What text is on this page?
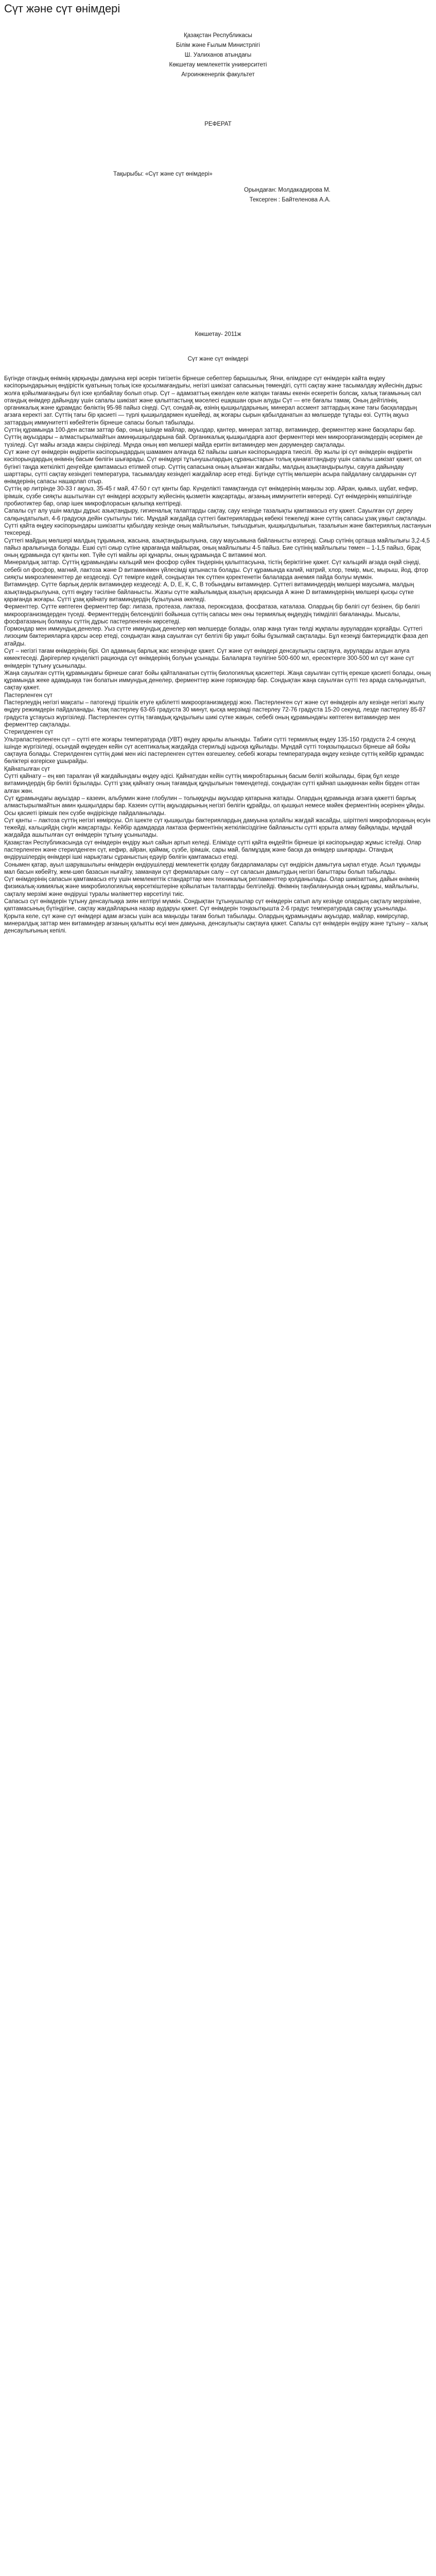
Сүт және сүт өнімдері
Қазақстан Республикасы
Білім және Ғылым Министрлігі
Ш. Уалиханов атындағы
Көкшетау мемлекеттік университеті
Агроинженерлік факультет
РЕФЕРАТ
Тақырыбы: «Сүт және сүт өнімдері»
Орындаған: Молдакадирова М.
Тексерген : Байтеленова А.А.
Көкшетау- 2011ж
Сүт және сүт өнімдері

Бүгінде отандық өнімнің қарқынды дамуына кері әсерін тигізетін бірнеше себептер барышылық. Яғни, өлімдәре сүт өнімдерін кайта өңдеу кәсіпорындарының өндірістік қуатының толық іске қосылмағандығы, негізгі шикізат сапасының төмендігі, сүтті сақтау және тасымалдау жүйесінің дұрыс жолға қойылмағандығы бүл іске қолбайлау болып отыр. Сүт – адамзаттың ежелден келе жатқан тағамы екенін ескеретін болсақ, халық тағамының сал отандық өнімдер дайындау үшін сапалы шикізат және қалыптастыңқ мәселесі ешқашан орын алуды Сүт — өте бағалы тамақ. Оның дейтілінің, органикалық және құрамдас бөліктің 95-98 пайыз сіңеді. Сүт, сондай-ақ, өзінің қышқылдарының, минерал ассмент заттардың және тағы басқалардың ағзаға керекті зат. Сүттің тағы бір қасиеті — түрлі қышқылдармен күшейеді, ақ жоғары сырын қабылданатын аз мөлшерде тұтады өзі. Сүттің ақуыз заттардың иммунитетті көбейтетін бірнеше сапасы болып табылады.

Сүттің құрамында 100-ден астам заттар бар, оның ішінде майлар, ақуыздар, қантер, минерал заттар, витаминдер, ферменттер және басқалары бар. Сүттің ақуыздары – алмастырылмайтын аминқышқылдарына бай. Органикалық қышқылдарға азот ферменттері мен микроорганизмдердің әсерімен де түзіледі. Сүт майы ағзада жақсы сіңіріледі. Мұнда оның көп мөлшері майда еритін витаминдер мен дәрумендер сақталады.

Сүт және сүт өнімдерін өндіретін кәсіпорындардың шамамен алғанда 62 пайызы шағын кәсіпорындарға тиесілі. Әр жылы ірі сүт өнімдерін өндіретін кәсіпорындардың өнімнің басым бөлігін шығарады. Сүт өнімдері тұтынушылардың сұраныстарын толық қанағаттандыру үшін сапалы шикізат қажет, ол бүгінгі таңда жеткілікті деңгейде қамтамасыз етілмей отыр. Сүттің сапасына оның алынған жағдайы, малдың азықтандырылуы, саууға дайындау шарттары, сүтті сақтау кезіндегі температура, тасымалдау кезіндегі жағдайлар әсер етеді. Бүгінде сүттің мөлшерін асыра пайдалану салдарынан сүт өнімдерінің сапасы нашарлап отыр.

Сүттің әр литрінде 30-33 г ақуыз, 35-45 г май, 47-50 г сүт қанты бар. Күнделікті тамақтануда сүт өнімдерінің маңызы зор. Айран, қымыз, шұбат, кефир, ірімшік, сүзбе сияқты ашытылған сүт өнімдері асқорыту жүйесінің қызметін жақсартады, ағзаның иммунитетін көтереді. Сүт өнімдерінің көпшілігінде пробиотиктер бар, олар ішек микрофлорасын қалыпқа келтіреді.

Сапалы сүт алу үшін малды дұрыс азықтандыру, гигиеналық талаптарды сақтау, сауу кезінде тазалықты қамтамасыз ету қажет. Сауылған сүт дереу салқындатылып, 4-6 градусқа дейін суытылуы тиіс. Мұндай жағдайда сүттегі бактериялардың көбеюі тежеледі және сүттің сапасы ұзақ уақыт сақталады. Сүтті қайта өңдеу кәсіпорындары шикізатты қабылдау кезінде оның майлылығын, тығыздығын, қышқылдылығын, тазалығын және бактериялық ластануын тексереді.

Сүттегі майдың мөлшері малдың тұқымына, жасына, азықтандырылуына, сауу маусымына байланысты өзгереді. Сиыр сүтінің орташа майлылығы 3,2-4,5 пайыз аралығында болады. Ешкі сүті сиыр сүтіне қарағанда майлырақ, оның майлылығы 4-5 пайыз. Бие сүтінің майлылығы төмен – 1-1,5 пайыз, бірақ оның құрамында сүт қанты көп. Түйе сүті майлы әрі құнарлы, оның құрамында С витамині мол.

Минералдық заттар. Сүттің құрамындағы кальций мен фосфор сүйек тіндерінің қалыптасуына, тістің беріктігіне қажет. Сүт кальцийі ағзада оңай сіңеді, себебі ол фосфор, магний, лактоза және D витаминімен үйлесімді қатынаста болады. Сүт құрамында калий, натрий, хлор, темір, мыс, мырыш, йод, фтор сияқты микроэлементтер де кездеседі. Сүт темірге кедей, сондықтан тек сүтпен қоректенетін балаларда анемия пайда болуы мүмкін.

Витаминдер. Сүтте барлық дерлік витаминдер кездеседі: А, D, Е, К, С, В тобындағы витаминдер. Сүттегі витаминдердің мөлшері маусымға, малдың азықтандырылуына, сүтті өңдеу тәсіліне байланысты. Жазғы сүтте жайылымдық азықтың арқасында А және D витаминдерінің мөлшері қысқы сүтке қарағанда жоғары. Сүтті ұзақ қайнату витаминдердің бұзылуына әкеледі.

Ферменттер. Сүтте көптеген ферменттер бар: липаза, протеаза, лактаза, пероксидаза, фосфатаза, каталаза. Олардың бір бөлігі сүт безінен, бір бөлігі микроорганизмдерден түседі. Ферменттердің белсенділігі бойынша сүттің сапасы мен оны термиялық өңдеудің тиімділігі бағаланады. Мысалы, фосфатазаның болмауы сүттің дұрыс пастерленгенін көрсетеді.

Гормондар мен иммундық денелер. Уыз сүтте иммундық денелер көп мөлшерде болады, олар жаңа туған төлді жұқпалы аурулардан қорғайды. Сүттегі лизоцим бактерияларға қарсы әсер етеді, сондықтан жаңа сауылған сүт белгілі бір уақыт бойы бұзылмай сақталады. Бұл кезеңді бактерицидтік фаза деп атайды.

Сүт – негізгі тағам өнімдерінің бірі. Ол адамның барлық жас кезеңінде қажет. Сүт және сүт өнімдері денсаулықты сақтауға, ауруларды алдын алуға көмектеседі. Дәрігерлер күнделікті рационда сүт өнімдерінің болуын ұсынады. Балаларға тәулігіне 500-600 мл, ересектерге 300-500 мл сүт және сүт өнімдерін тұтыну ұсынылады.

Жаңа сауылған сүттің құрамындағы бірнеше сағат бойы қайталанатын сүттің биологиялық қасиеттері. Жаңа сауылған сүттің ерекше қасиеті болады, оның құрамында жеке адамдыққа тән болатын иммундық денелер, ферменттер және гормондар бар. Сондықтан жаңа сауылған сүтті тез арада салқындатып, сақтау қажет.

Пастерленген сүт

Пастерлеудің негізгі мақсаты – патогенді тіршілік етуге қабілетті микроорганизмдерді жою. Пастерленген сүт және сүт өнімдерін алу кезінде негізгі жылу өңдеу режимдерін пайдаланады. Ұзақ пастерлеу 63-65 градуста 30 минут, қысқа мерзімді пастерлеу 72-76 градуста 15-20 секунд, лезде пастерлеу 85-87 градуста ұстаусыз жүргізіледі. Пастерленген сүттің тағамдық құндылығы шикі сүтке жақын, себебі оның құрамындағы көптеген витаминдер мен ферменттер сақталады.

Стерилденген сүт

Ультрапастерленген сүт – сүтті өте жоғары температурада (УВТ) өңдеу арқылы алынады. Табиғи сүтті термиялық өңдеу 135-150 градуста 2-4 секунд ішінде жүргізіледі, осындай өңдеуден кейін сүт асептикалық жағдайда стерильді ыдысқа құйылады. Мұндай сүтті тоңазытқышсыз бірнеше ай бойы сақтауға болады. Стерилденген сүттің дәмі мен иісі пастерленген сүттен өзгешелеу, себебі жоғары температурада өңдеу кезінде сүттің кейбір құрамдас бөліктері өзгеріске ұшырайды.

Қайнатылған сүт

Сүтті қайнату – ең көп таралған үй жағдайындағы өңдеу әдісі. Қайнатудан кейін сүттің микробтарының басым бөлігі жойылады, бірақ бұл кезде витаминдердің бір бөлігі бұзылады. Сүтті ұзақ қайнату оның тағамдық құндылығын төмендетеді, сондықтан сүтті қайнап шыққаннан кейін бірден оттан алған жөн.

Сүт құрамындағы ақуыздар – казеин, альбумин және глобулин – толыққұнды ақуыздар қатарына жатады. Олардың құрамында ағзаға қажетті барлық алмастырылмайтын амин қышқылдары бар. Казеин сүттің ақуыздарының негізгі бөлігін құрайды, ол қышқыл немесе мәйек ферментінің әсерінен ұйиды. Осы қасиеті ірімшік пен сүзбе өндірісінде пайдаланылады.

Сүт қанты – лактоза сүттің негізгі көмірсуы. Ол ішекте сүт қышқылды бактериялардың дамуына қолайлы жағдай жасайды, шірітпелі микрофлораның өсуін тежейді, кальцийдің сіңуін жақсартады. Кейбір адамдарда лактаза ферментінің жеткіліксіздігіне байланысты сүтті қорыта алмау байқалады, мұндай жағдайда ашытылған сүт өнімдерін тұтыну ұсынылады.

Қазақстан Республикасында сүт өнімдерін өндіру жыл сайын артып келеді. Елімізде сүтті қайта өңдейтін бірнеше ірі кәсіпорындар жұмыс істейді. Олар пастерленген және стерилденген сүт, кефир, айран, қаймақ, сүзбе, ірімшік, сары май, балмұздақ және басқа да өнімдер шығарады. Отандық өндірушілердің өнімдері ішкі нарықтағы сұраныстың едәуір бөлігін қамтамасыз етеді.

Сонымен қатар, ауыл шаруашылығы өнімдерін өндірушілерді мемлекеттік қолдау бағдарламалары сүт өндірісін дамытуға ықпал етуде. Асыл тұқымды мал басын көбейту, жем-шөп базасын нығайту, заманауи сүт фермаларын салу – сүт саласын дамытудың негізгі бағыттары болып табылады.

Сүт өнімдерінің сапасын қамтамасыз ету үшін мемлекеттік стандарттар мен техникалық регламенттер қолданылады. Олар шикізаттың, дайын өнімнің физикалық-химиялық және микробиологиялық көрсеткіштеріне қойылатын талаптарды белгілейді. Өнімнің таңбалануында оның құрамы, майлылығы, сақталу мерзімі және өндіруші туралы мәліметтер көрсетілуі тиіс.

Сапасыз сүт өнімдерін тұтыну денсаулыққа зиян келтіруі мүмкін. Сондықтан тұтынушылар сүт өнімдерін сатып алу кезінде олардың сақталу мерзіміне, қаптамасының бүтіндігіне, сақтау жағдайларына назар аударуы қажет. Сүт өнімдерін тоңазытқышта 2-6 градус температурада сақтау ұсынылады.

Қорыта келе, сүт және сүт өнімдері адам ағзасы үшін аса маңызды тағам болып табылады. Олардың құрамындағы ақуыздар, майлар, көмірсулар, минералдық заттар мен витаминдер ағзаның қалыпты өсуі мен дамуына, денсаулықты сақтауға қажет. Сапалы сүт өнімдерін өндіру және тұтыну – халық денсаулығының кепілі.
